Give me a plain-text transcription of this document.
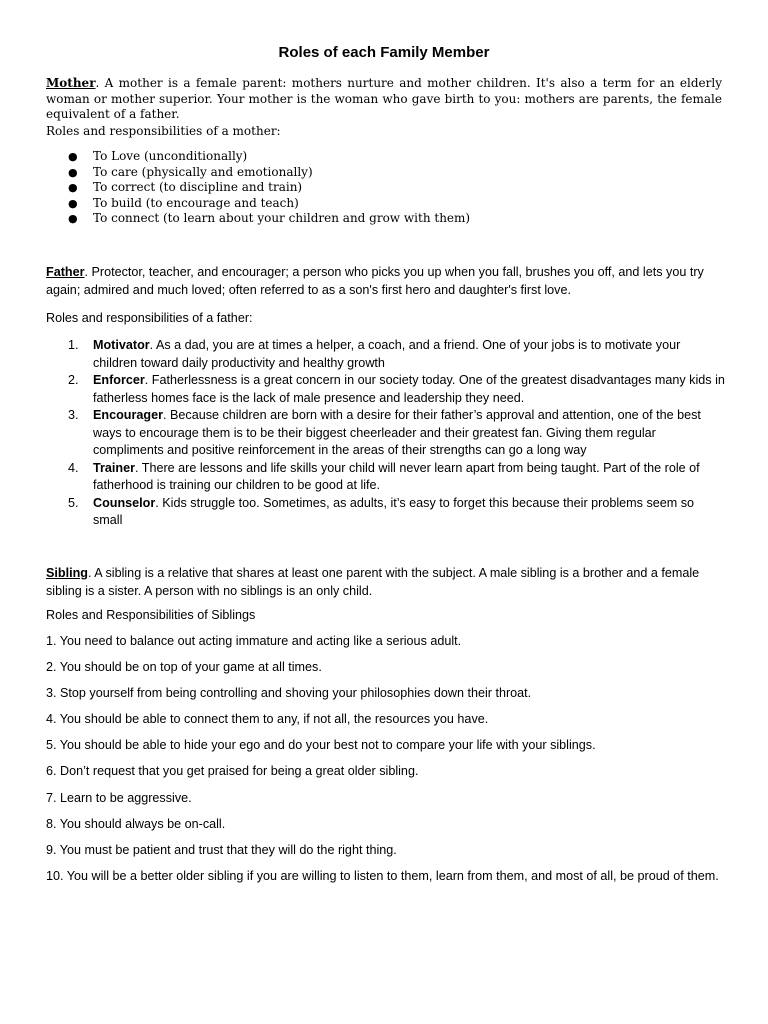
Roles of each Family Member

Mother. A mother is a female parent: mothers nurture and mother children. It's also a term for an elderly woman or mother superior. Your mother is the woman who gave birth to you: mothers are parents, the female equivalent of a father.

Roles and responsibilities of a mother:

● To Love (unconditionally)
● To care (physically and emotionally)
● To correct (to discipline and train)
● To build (to encourage and teach)
● To connect (to learn about your children and grow with them)

Father. Protector, teacher, and encourager; a person who picks you up when you fall, brushes you off, and lets you try again; admired and much loved; often referred to as a son's first hero and daughter's first love.

Roles and responsibilities of a father:

1. Motivator. As a dad, you are at times a helper, a coach, and a friend. One of your jobs is to motivate your children toward daily productivity and healthy growth
2. Enforcer. Fatherlessness is a great concern in our society today. One of the greatest disadvantages many kids in fatherless homes face is the lack of male presence and leadership they need.
3. Encourager. Because children are born with a desire for their father’s approval and attention, one of the best ways to encourage them is to be their biggest cheerleader and their greatest fan. Giving them regular compliments and positive reinforcement in the areas of their strengths can go a long way
4. Trainer. There are lessons and life skills your child will never learn apart from being taught. Part of the role of fatherhood is training our children to be good at life.
5. Counselor. Kids struggle too. Sometimes, as adults, it’s easy to forget this because their problems seem so small

Sibling. A sibling is a relative that shares at least one parent with the subject. A male sibling is a brother and a female sibling is a sister. A person with no siblings is an only child.

Roles and Responsibilities of Siblings

1. You need to balance out acting immature and acting like a serious adult.

2. You should be on top of your game at all times.

3. Stop yourself from being controlling and shoving your philosophies down their throat.

4. You should be able to connect them to any, if not all, the resources you have.

5. You should be able to hide your ego and do your best not to compare your life with your siblings.

6. Don’t request that you get praised for being a great older sibling.

7. Learn to be aggressive.

8. You should always be on-call.

9. You must be patient and trust that they will do the right thing.

10. You will be a better older sibling if you are willing to listen to them, learn from them, and most of all, be proud of them.
